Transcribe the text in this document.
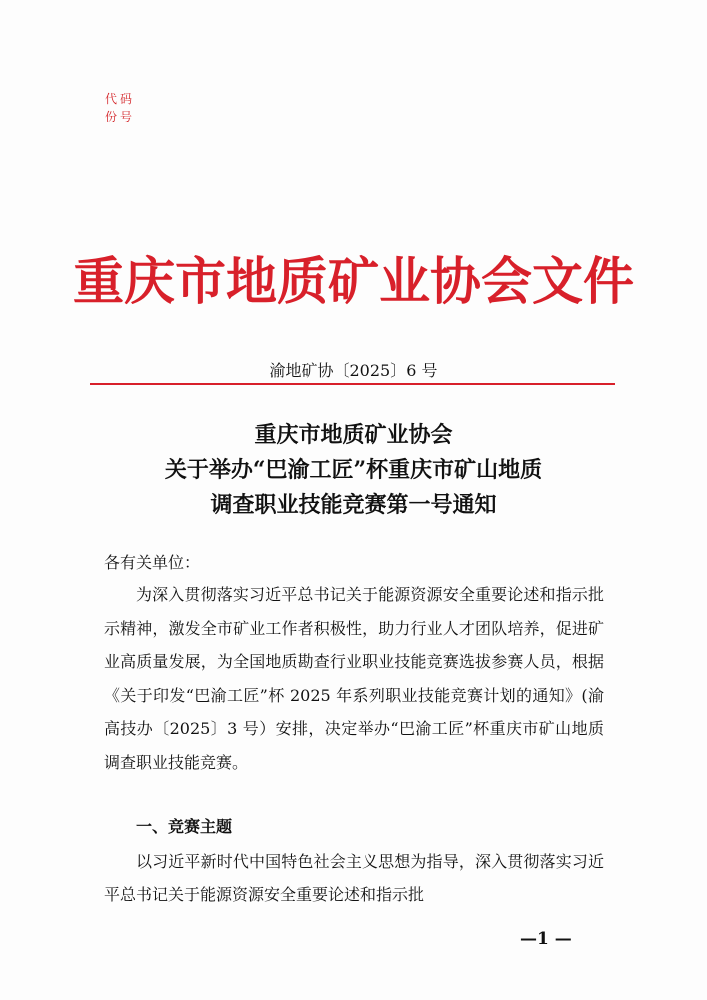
代码
份号
重庆市地质矿业协会文件
渝地矿协〔2025〕6 号
重庆市地质矿业协会
关于举办“巴渝工匠”杯重庆市矿山地质
调查职业技能竞赛第一号通知
各有关单位：

为深入贯彻落实习近平总书记关于能源资源安全重要论述和指示批示精神，激发全市矿业工作者积极性，助力行业人才团队培养，促进矿业高质量发展，为全国地质勘查行业职业技能竞赛选拔参赛人员，根据《关于印发“巴渝工匠”杯 2025 年系列职业技能竞赛计划的通知》(渝高技办〔2025〕3 号）安排，决定举办“巴渝工匠”杯重庆市矿山地质调查职业技能竞赛。

一、竞赛主题

以习近平新时代中国特色社会主义思想为指导，深入贯彻落实习近平总书记关于能源资源安全重要论述和指示批

—1 —
